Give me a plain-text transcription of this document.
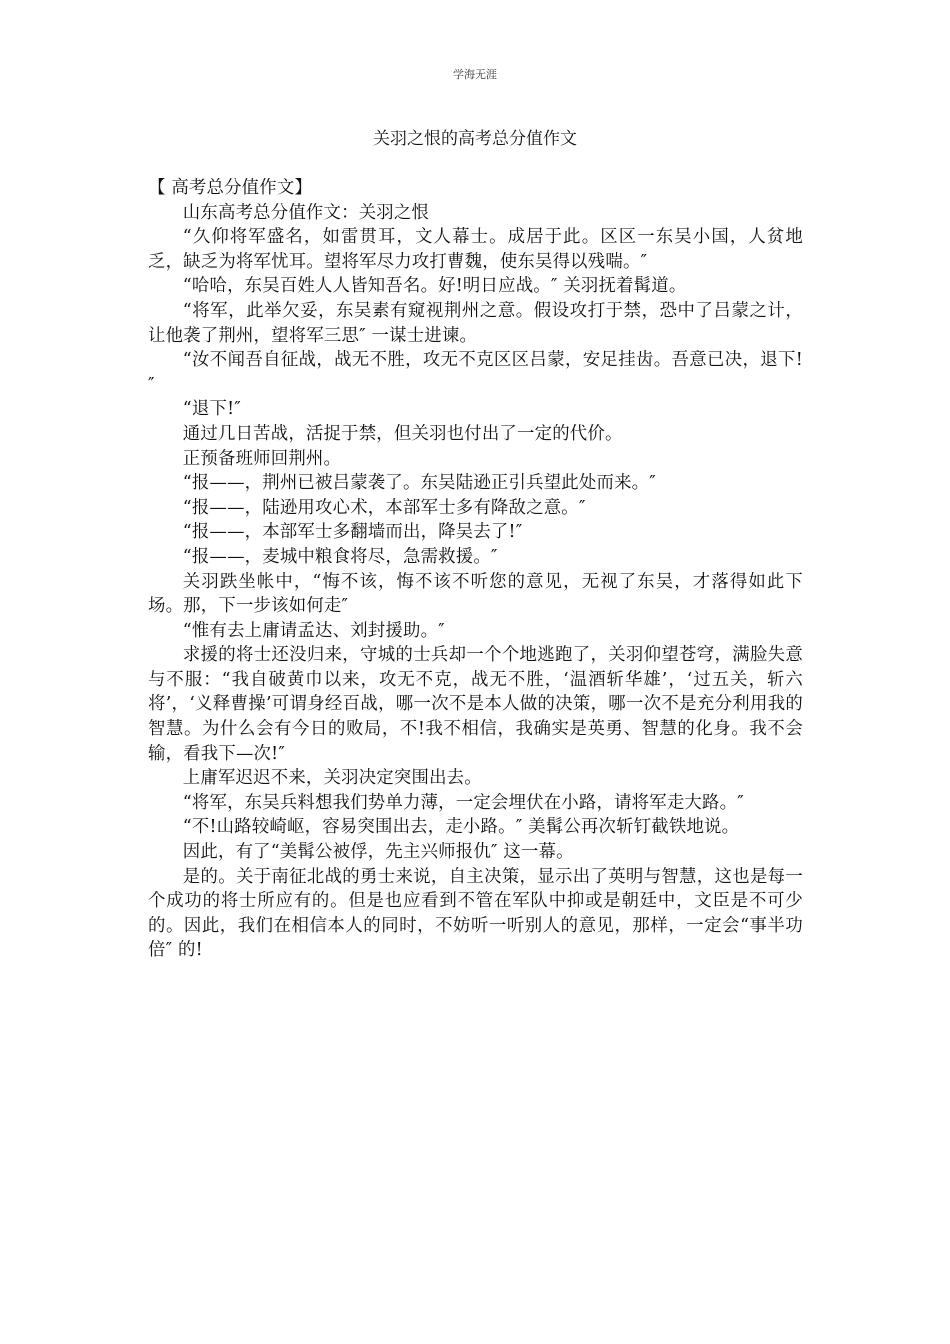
学海无涯
关羽之恨的高考总分值作文

【 高考总分值作文】

山东高考总分值作文：关羽之恨

“久仰将军盛名，如雷贯耳，文人幕士。成居于此。区区一东吴小国，人贫地乏，缺乏为将军忧耳。望将军尽力攻打曹魏，使东吴得以残喘。″

“哈哈，东吴百姓人人皆知吾名。好!明日应战。″ 关羽抚着髯道。

“将军，此举欠妥，东吴素有窥视荆州之意。假设攻打于禁，恐中了吕蒙之计，让他袭了荆州，望将军三思″ 一谋士进谏。

“汝不闻吾自征战，战无不胜，攻无不克区区吕蒙，安足挂齿。吾意已决，退下!″

“退下!″

通过几日苦战，活捉于禁，但关羽也付出了一定的代价。

正预备班师回荆州。

“报——，荆州已被吕蒙袭了。东吴陆逊正引兵望此处而来。″

“报——，陆逊用攻心术，本部军士多有降敌之意。″

“报——，本部军士多翻墙而出，降吴去了!″

“报——，麦城中粮食将尽，急需救援。″

关羽跌坐帐中，“悔不该，悔不该不听您的意见，无视了东吴，才落得如此下场。那，下一步该如何走″

“惟有去上庸请孟达、刘封援助。″

求援的将士还没归来，守城的士兵却一个个地逃跑了，关羽仰望苍穹，满脸失意与不服：“我自破黄巾以来，攻无不克，战无不胜，‘温酒斩华雄’，‘过五关，斩六将’，‘义释曹操’可谓身经百战，哪一次不是本人做的决策，哪一次不是充分利用我的智慧。为什么会有今日的败局，不!我不相信，我确实是英勇、智慧的化身。我不会输，看我下—次!″

上庸军迟迟不来，关羽决定突围出去。

“将军，东吴兵料想我们势单力薄，一定会埋伏在小路，请将军走大路。″

“不!山路较崎岖，容易突围出去，走小路。″ 美髯公再次斩钉截铁地说。

因此，有了“美髯公被俘，先主兴师报仇″ 这一幕。

是的。关于南征北战的勇士来说，自主决策，显示出了英明与智慧，这也是每一个成功的将士所应有的。但是也应看到不管在军队中抑或是朝廷中，文臣是不可少的。因此，我们在相信本人的同时，不妨听一听别人的意见，那样，一定会“事半功倍″ 的!
